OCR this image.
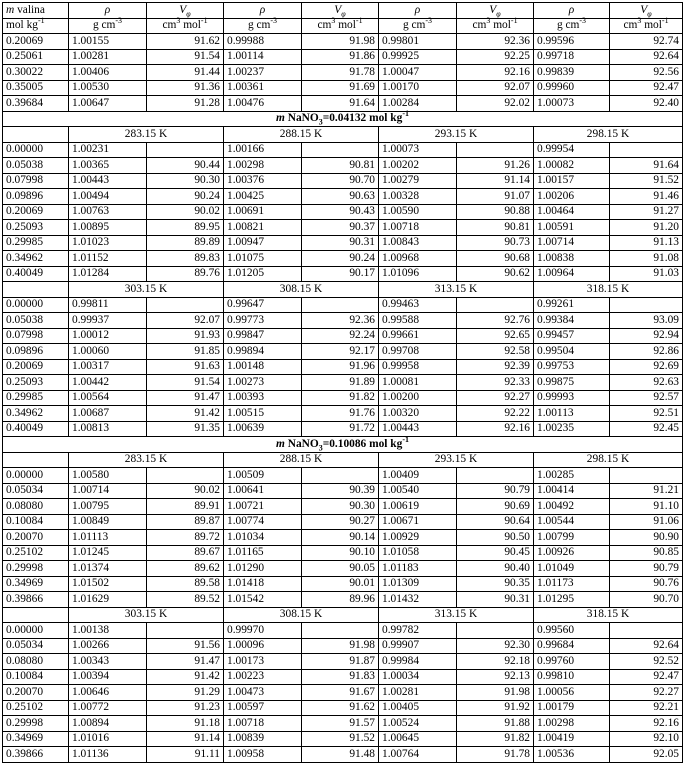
m valina	ρ	$V_\varphi$	ρ	$V_\varphi$	ρ	$V_\varphi$	ρ	$V_\varphi$
mol $kg^{‑1}$	g $cm^{‑3}$	$cm^3$ mol$^{‑1}$	g $cm^{‑3}$	$cm^3$ mol$^{‑1}$	g $cm^{‑3}$	$cm^3$ mol$^{‑1}$	g $cm^{‑3}$	$cm^3$ mol$^{‑1}$
0.20069	1.00155	91.62	0.99988	91.98	0.99801	92.36	0.99596	92.74
0.25061	1.00281	91.54	1.00114	91.86	0.99925	92.25	0.99718	92.64
0.30022	1.00406	91.44	1.00237	91.78	1.00047	92.16	0.99839	92.56
0.35005	1.00530	91.36	1.00361	91.69	1.00170	92.07	0.99960	92.47
0.39684	1.00647	91.28	1.00476	91.64	1.00284	92.02	1.00073	92.40
m NaNO$_3$=0.04132 mol $kg^{‑1}$
	283.15 K		288.15 K		293.15 K		298.15 K	
0.00000	1.00231		1.00166		1.00073		0.99954	
0.05038	1.00365	90.44	1.00298	90.81	1.00202	91.26	1.00082	91.64
0.07998	1.00443	90.30	1.00376	90.70	1.00279	91.14	1.00157	91.52
0.09896	1.00494	90.24	1.00425	90.63	1.00328	91.07	1.00206	91.46
0.20069	1.00763	90.02	1.00691	90.43	1.00590	90.88	1.00464	91.27
0.25093	1.00895	89.95	1.00821	90.37	1.00718	90.81	1.00591	91.20
0.29985	1.01023	89.89	1.00947	90.31	1.00843	90.73	1.00714	91.13
0.34962	1.01152	89.83	1.01075	90.24	1.00968	90.68	1.00838	91.08
0.40049	1.01284	89.76	1.01205	90.17	1.01096	90.62	1.00964	91.03
	303.15 K		308.15 K		313.15 K		318.15 K	
0.00000	0.99811		0.99647		0.99463		0.99261	
0.05038	0.99937	92.07	0.99773	92.36	0.99588	92.76	0.99384	93.09
0.07998	1.00012	91.93	0.99847	92.24	0.99661	92.65	0.99457	92.94
0.09896	1.00060	91.85	0.99894	92.17	0.99708	92.58	0.99504	92.86
0.20069	1.00317	91.63	1.00148	91.96	0.99958	92.39	0.99753	92.69
0.25093	1.00442	91.54	1.00273	91.89	1.00081	92.33	0.99875	92.63
0.29985	1.00564	91.47	1.00393	91.82	1.00200	92.27	0.99993	92.57
0.34962	1.00687	91.42	1.00515	91.76	1.00320	92.22	1.00113	92.51
0.40049	1.00813	91.35	1.00639	91.72	1.00443	92.16	1.00235	92.45
m NaNO$_3$=0.10086 mol $kg^{‑1}$
	283.15 K		288.15 K		293.15 K		298.15 K	
0.00000	1.00580		1.00509		1.00409		1.00285	
0.05034	1.00714	90.02	1.00641	90.39	1.00540	90.79	1.00414	91.21
0.08080	1.00795	89.91	1.00721	90.30	1.00619	90.69	1.00492	91.10
0.10084	1.00849	89.87	1.00774	90.27	1.00671	90.64	1.00544	91.06
0.20070	1.01113	89.72	1.01034	90.14	1.00929	90.50	1.00799	90.90
0.25102	1.01245	89.67	1.01165	90.10	1.01058	90.45	1.00926	90.85
0.29998	1.01374	89.62	1.01290	90.05	1.01183	90.40	1.01049	90.79
0.34969	1.01502	89.58	1.01418	90.01	1.01309	90.35	1.01173	90.76
0.39866	1.01629	89.52	1.01542	89.96	1.01432	90.31	1.01295	90.70
	303.15 K		308.15 K		313.15 K		318.15 K	
0.00000	1.00138		0.99970		0.99782		0.99560	
0.05034	1.00266	91.56	1.00096	91.98	0.99907	92.30	0.99684	92.64
0.08080	1.00343	91.47	1.00173	91.87	0.99984	92.18	0.99760	92.52
0.10084	1.00394	91.42	1.00223	91.83	1.00034	92.13	0.99810	92.47
0.20070	1.00646	91.29	1.00473	91.67	1.00281	91.98	1.00056	92.27
0.25102	1.00772	91.23	1.00597	91.62	1.00405	91.92	1.00179	92.21
0.29998	1.00894	91.18	1.00718	91.57	1.00524	91.88	1.00298	92.16
0.34969	1.01016	91.14	1.00839	91.52	1.00645	91.82	1.00419	92.10
0.39866	1.01136	91.11	1.00958	91.48	1.00764	91.78	1.00536	92.05
